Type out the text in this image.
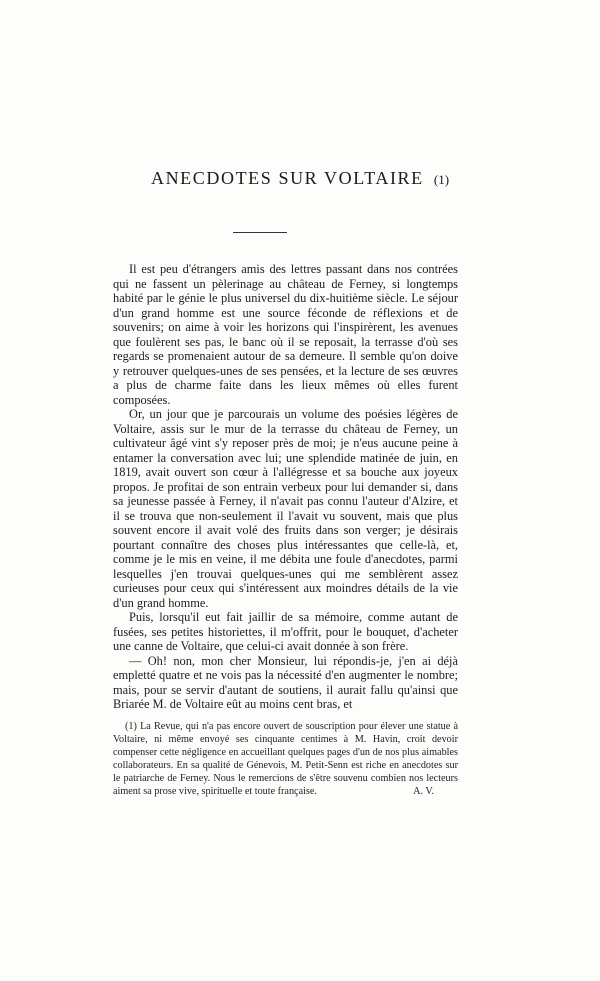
ANECDOTES SUR VOLTAIRE (1)

Il est peu d'étrangers amis des lettres passant dans nos contrées qui ne fassent un pèlerinage au château de Ferney, si longtemps habité par le génie le plus universel du dix-huitième siècle. Le séjour d'un grand homme est une source féconde de réflexions et de souvenirs; on aime à voir les horizons qui l'inspirèrent, les avenues que foulèrent ses pas, le banc où il se reposait, la terrasse d'où ses regards se promenaient autour de sa demeure. Il semble qu'on doive y retrouver quelques-unes de ses pensées, et la lecture de ses œuvres a plus de charme faite dans les lieux mêmes où elles furent composées.

Or, un jour que je parcourais un volume des poésies légères de Voltaire, assis sur le mur de la terrasse du château de Ferney, un cultivateur âgé vint s'y reposer près de moi; je n'eus aucune peine à entamer la conversation avec lui; une splendide matinée de juin, en 1819, avait ouvert son cœur à l'allégresse et sa bouche aux joyeux propos. Je profitai de son entrain verbeux pour lui demander si, dans sa jeunesse passée à Ferney, il n'avait pas connu l'auteur d'Alzire, et il se trouva que non-seulement il l'avait vu souvent, mais que plus souvent encore il avait volé des fruits dans son verger; je désirais pourtant connaître des choses plus intéressantes que celle-là, et, comme je le mis en veine, il me débita une foule d'anecdotes, parmi lesquelles j'en trouvai quelques-unes qui me semblèrent assez curieuses pour ceux qui s'intéressent aux moindres détails de la vie d'un grand homme.

Puis, lorsqu'il eut fait jaillir de sa mémoire, comme autant de fusées, ses petites historiettes, il m'offrit, pour le bouquet, d'acheter une canne de Voltaire, que celui-ci avait donnée à son frère.

— Oh! non, mon cher Monsieur, lui répondis-je, j'en ai déjà empletté quatre et ne vois pas la nécessité d'en augmenter le nombre; mais, pour se servir d'autant de soutiens, il aurait fallu qu'ainsi que Briarée M. de Voltaire eût au moins cent bras, et

(1) La Revue, qui n'a pas encore ouvert de souscription pour élever une statue à Voltaire, ni même envoyé ses cinquante centimes à M. Havin, croit devoir compenser cette négligence en accueillant quelques pages d'un de nos plus aimables collaborateurs. En sa qualité de Génevois, M. Petit-Senn est riche en anecdotes sur le patriarche de Ferney. Nous le remercions de s'être souvenu combien nos lecteurs aiment sa prose vive, spirituelle et toute française.	A. V.
